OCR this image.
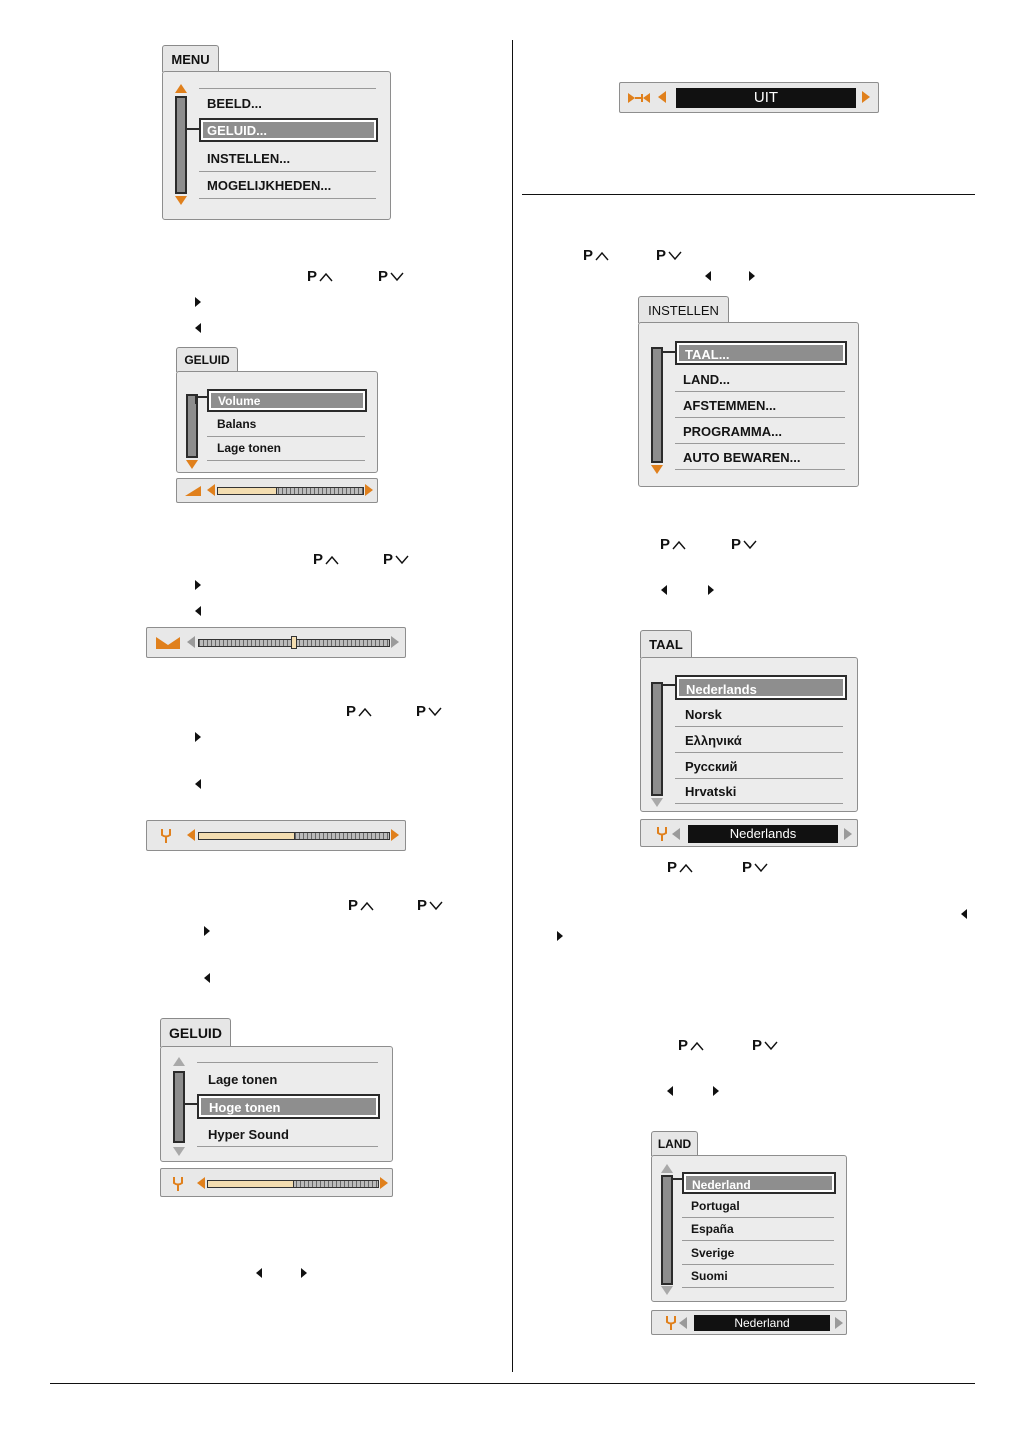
MENU
BEELD...
GELUID...
INSTELLEN...
MOGELIJKHEDEN...
P	P
GELUID
Volume
Balans
Lage tonen
P	P
P	P
P	P
GELUID
Lage tonen
Hoge tonen
Hyper Sound
UIT
P	P
INSTELLEN
TAAL...
LAND...
AFSTEMMEN...
PROGRAMMA...
AUTO BEWAREN...
P	P
TAAL
Nederlands
Norsk
Ελληνικά
Русский
Hrvatski
Nederlands
P	P
P	P
LAND
Nederland
Portugal
España
Sverige
Suomi
Nederland
